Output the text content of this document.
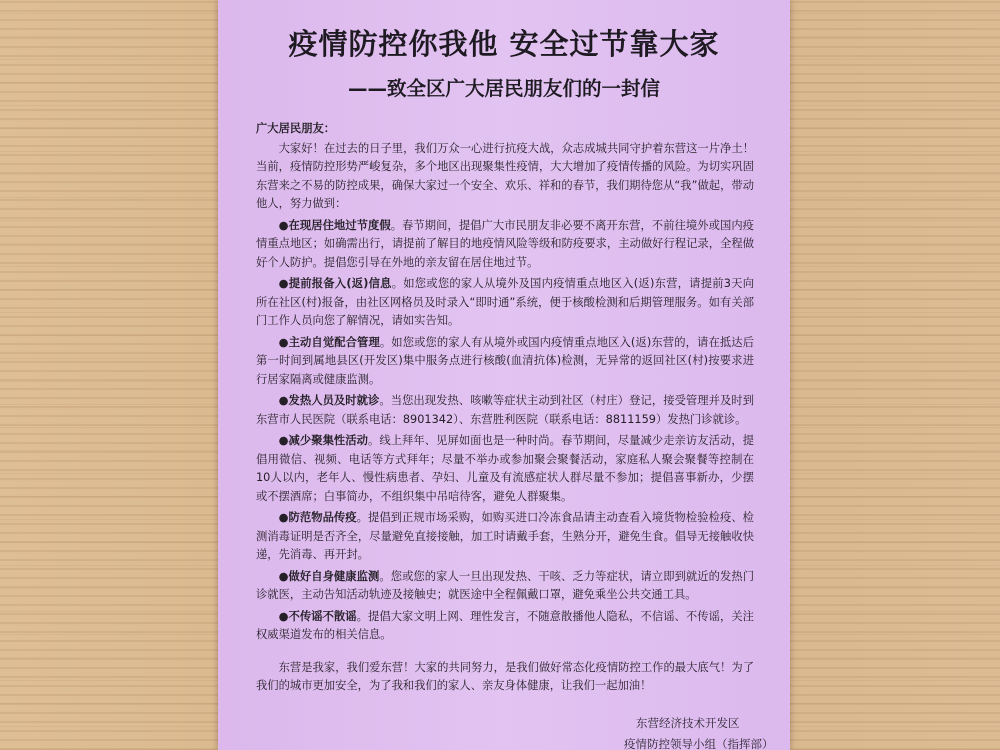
疫情防控你我他 安全过节靠大家
——致全区广大居民朋友们的一封信

广大居民朋友：

大家好！在过去的日子里，我们万众一心进行抗疫大战，众志成城共同守护着东营这一片净土！当前，疫情防控形势严峻复杂，多个地区出现聚集性疫情，大大增加了疫情传播的风险。为切实巩固东营来之不易的防控成果，确保大家过一个安全、欢乐、祥和的春节，我们期待您从“我”做起，带动他人，努力做到：

●在现居住地过节度假。春节期间，提倡广大市民朋友非必要不离开东营，不前往境外或国内疫情重点地区；如确需出行，请提前了解目的地疫情风险等级和防疫要求，主动做好行程记录，全程做好个人防护。提倡您引导在外地的亲友留在居住地过节。

●提前报备入(返)信息。如您或您的家人从境外及国内疫情重点地区入(返)东营，请提前3天向所在社区(村)报备，由社区网格员及时录入“即时通”系统，便于核酸检测和后期管理服务。如有关部门工作人员向您了解情况，请如实告知。

●主动自觉配合管理。如您或您的家人有从境外或国内疫情重点地区入(返)东营的，请在抵达后第一时间到属地县区(开发区)集中服务点进行核酸(血清抗体)检测，无异常的返回社区(村)按要求进行居家隔离或健康监测。

●发热人员及时就诊。当您出现发热、咳嗽等症状主动到社区（村庄）登记，接受管理并及时到东营市人民医院（联系电话：8901342）、东营胜利医院（联系电话：8811159）发热门诊就诊。

●减少聚集性活动。线上拜年、见屏如面也是一种时尚。春节期间，尽量减少走亲访友活动，提倡用微信、视频、电话等方式拜年；尽量不举办或参加聚会聚餐活动，家庭私人聚会聚餐等控制在10人以内，老年人、慢性病患者、孕妇、儿童及有流感症状人群尽量不参加；提倡喜事新办，少摆或不摆酒席；白事简办，不组织集中吊唁待客，避免人群聚集。

●防范物品传疫。提倡到正规市场采购，如购买进口冷冻食品请主动查看入境货物检验检疫、检测消毒证明是否齐全，尽量避免直接接触，加工时请戴手套，生熟分开，避免生食。倡导无接触收快递，先消毒、再开封。

●做好自身健康监测。您或您的家人一旦出现发热、干咳、乏力等症状，请立即到就近的发热门诊就医，主动告知活动轨迹及接触史；就医途中全程佩戴口罩，避免乘坐公共交通工具。

●不传谣不散谣。提倡大家文明上网、理性发言，不随意散播他人隐私，不信谣、不传谣，关注权威渠道发布的相关信息。

东营是我家，我们爱东营！大家的共同努力，是我们做好常态化疫情防控工作的最大底气！为了我们的城市更加安全，为了我和我们的家人、亲友身体健康，让我们一起加油！

东营经济技术开发区
疫情防控领导小组（指挥部）
